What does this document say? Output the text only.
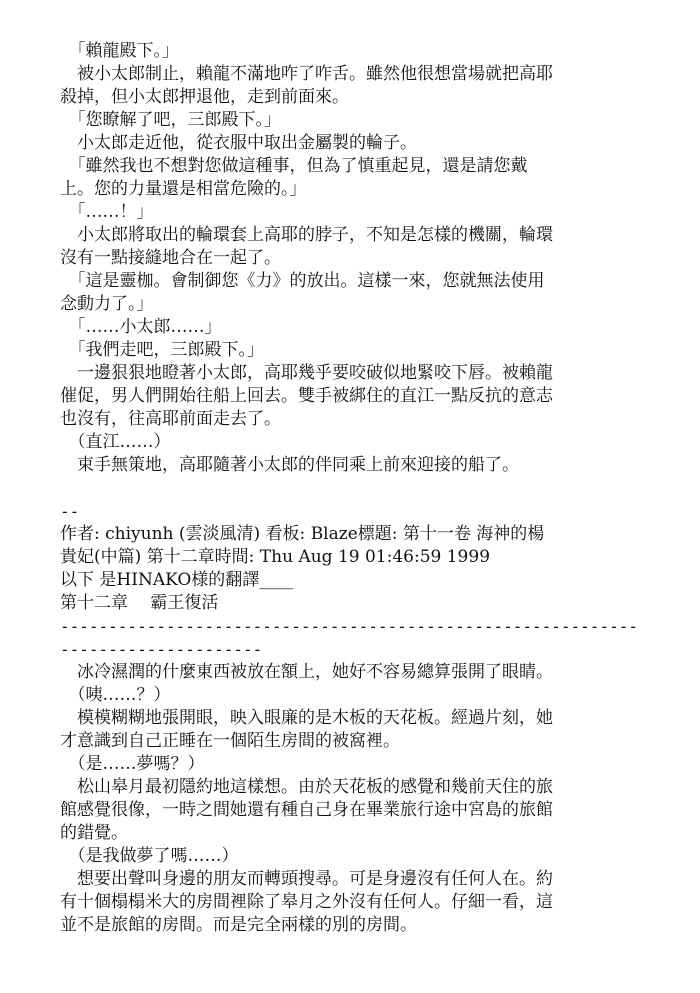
　「賴龍殿下。」
　被小太郎制止，賴龍不滿地咋了咋舌。雖然他很想當場就把高耶
殺掉，但小太郎押退他，走到前面來。
　「您瞭解了吧，三郎殿下。」
　小太郎走近他，從衣服中取出金屬製的輪子。
　「雖然我也不想對您做這種事，但為了慎重起見，還是請您戴
上。您的力量還是相當危險的。」
　「……！」
　小太郎將取出的輪環套上高耶的脖子，不知是怎樣的機關，輪環
沒有一點接縫地合在一起了。
　「這是靈枷。會制御您《力》的放出。這樣一來，您就無法使用
念動力了。」
　「……小太郎……」
　「我們走吧，三郎殿下。」
　一邊狠狠地瞪著小太郎，高耶幾乎要咬破似地緊咬下唇。被賴龍
催促，男人們開始往船上回去。雙手被綁住的直江一點反抗的意志
也沒有，往高耶前面走去了。
　（直江……）
　束手無策地，高耶隨著小太郎的伴同乘上前來迎接的船了。
--
作者: chiyunh (雲淡風清) 看板: Blaze標題: 第十一卷 海神的楊
貴妃(中篇) 第十二章時間: Thu Aug 19 01:46:59 1999
以下 是HINAKO様的翻譯____
第十二章　 霸王復活
------------------------------------------------------------
---------------------
　冰冷濕潤的什麼東西被放在額上，她好不容易總算張開了眼睛。
　（咦……？）
　模模糊糊地張開眼，映入眼廉的是木板的天花板。經過片刻，她
才意識到自己正睡在一個陌生房間的被窩裡。
　（是……夢嗎？）
　松山皋月最初隱約地這樣想。由於天花板的感覺和幾前天住的旅
館感覺很像，一時之間她還有種自己身在畢業旅行途中宮島的旅館
的錯覺。
　（是我做夢了嗎……）
　想要出聲叫身邊的朋友而轉頭搜尋。可是身邊沒有任何人在。約
有十個榻榻米大的房間裡除了皋月之外沒有任何人。仔細一看，這
並不是旅館的房間。而是完全兩樣的別的房間。
